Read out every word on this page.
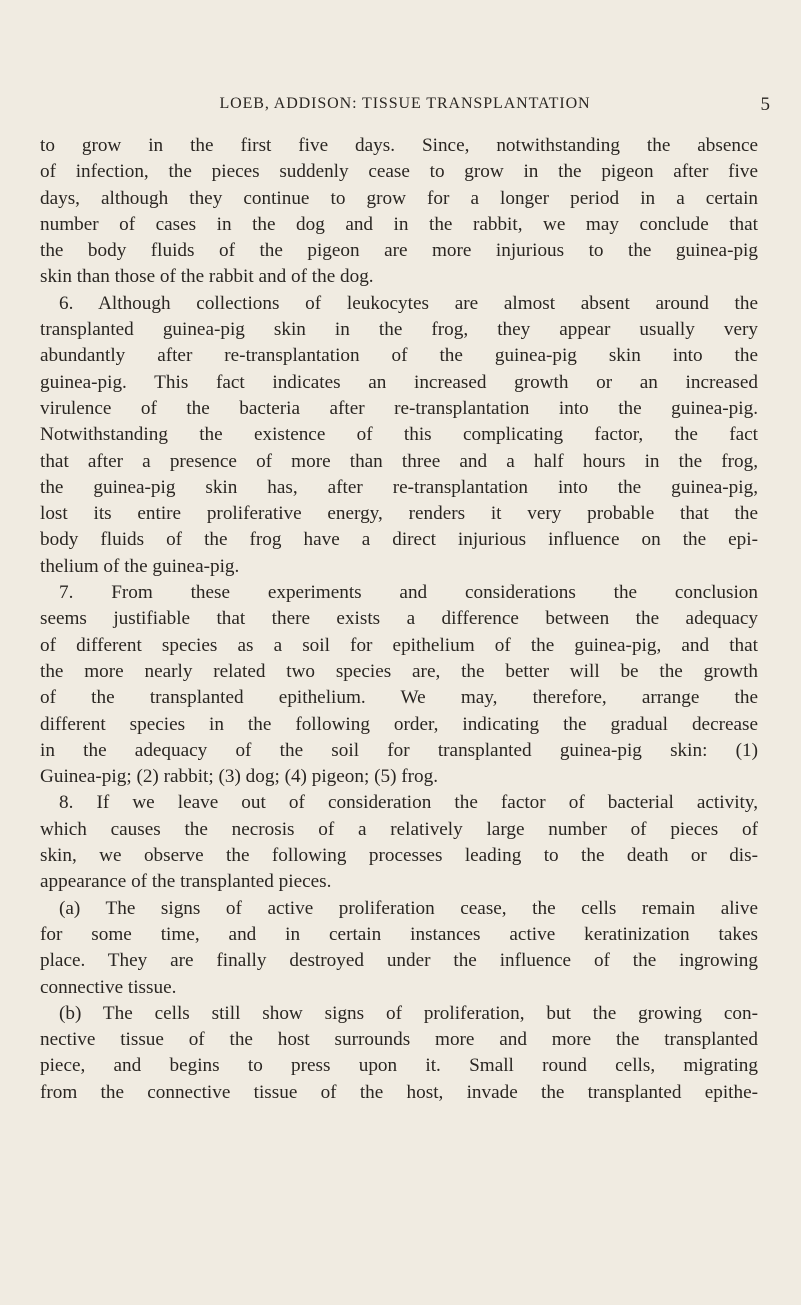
LOEB, ADDISON: TISSUE TRANSPLANTATION	5
to grow in the first five days. Since, notwithstanding the absence
of infection, the pieces suddenly cease to grow in the pigeon after five
days, although they continue to grow for a longer period in a certain
number of cases in the dog and in the rabbit, we may conclude that
the body fluids of the pigeon are more injurious to the guinea-pig
skin than those of the rabbit and of the dog.
6. Although collections of leukocytes are almost absent around the
transplanted guinea-pig skin in the frog, they appear usually very
abundantly after re-transplantation of the guinea-pig skin into the
guinea-pig. This fact indicates an increased growth or an increased
virulence of the bacteria after re-transplantation into the guinea-pig.
Notwithstanding the existence of this complicating factor, the fact
that after a presence of more than three and a half hours in the frog,
the guinea-pig skin has, after re-transplantation into the guinea-pig,
lost its entire proliferative energy, renders it very probable that the
body fluids of the frog have a direct injurious influence on the epi-
thelium of the guinea-pig.
7. From these experiments and considerations the conclusion
seems justifiable that there exists a difference between the adequacy
of different species as a soil for epithelium of the guinea-pig, and that
the more nearly related two species are, the better will be the growth
of the transplanted epithelium. We may, therefore, arrange the
different species in the following order, indicating the gradual decrease
in the adequacy of the soil for transplanted guinea-pig skin: (1)
Guinea-pig; (2) rabbit; (3) dog; (4) pigeon; (5) frog.
8. If we leave out of consideration the factor of bacterial activity,
which causes the necrosis of a relatively large number of pieces of
skin, we observe the following processes leading to the death or dis-
appearance of the transplanted pieces.
(a) The signs of active proliferation cease, the cells remain alive
for some time, and in certain instances active keratinization takes
place. They are finally destroyed under the influence of the ingrowing
connective tissue.
(b) The cells still show signs of proliferation, but the growing con-
nective tissue of the host surrounds more and more the transplanted
piece, and begins to press upon it. Small round cells, migrating
from the connective tissue of the host, invade the transplanted epithe-
